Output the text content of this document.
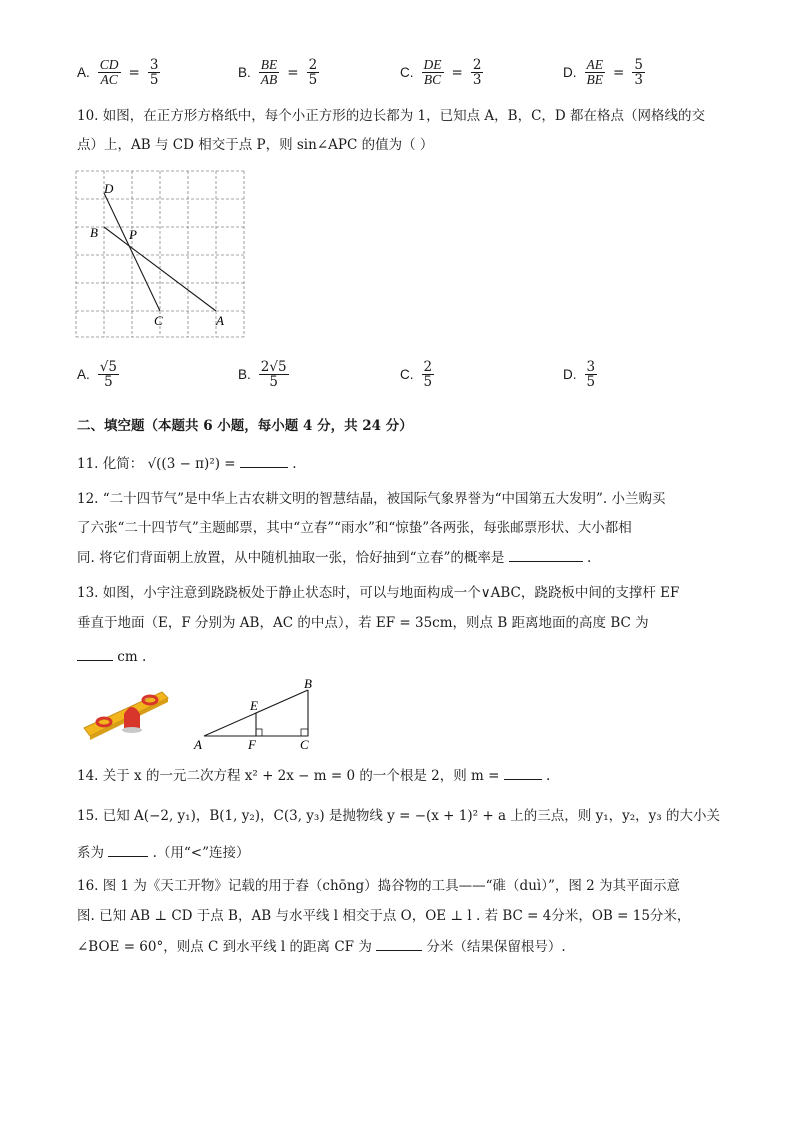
A. $\frac{CD}{AC} = \frac{3}{5}$	B. $\frac{BE}{AB} = \frac{2}{5}$	C. $\frac{DE}{BC} = \frac{2}{3}$	D. $\frac{AE}{BE} = \frac{5}{3}$
10. 如图，在正方形方格纸中，每个小正方形的边长都为 1，已知点 A，B，C，D 都在格点（网格线的交
点）上，AB 与 CD 相交于点 P，则 sin∠APC 的值为（ ）
D
B P
C	A
A. $\frac{√5}{5}$	B. $\frac{2√5}{5}$	C. $\frac{2}{5}$	D. $\frac{3}{5}$
二、填空题（本题共 6 小题，每小题 4 分，共 24 分）
11. 化简： √((3 − π)²) =	.
12. “二十四节气”是中华上古农耕文明的智慧结晶，被国际气象界誉为“中国第五大发明”. 小兰购买
了六张“二十四节气”主题邮票，其中“立春”“雨水”和“惊蛰”各两张，每张邮票形状、大小都相
同. 将它们背面朝上放置，从中随机抽取一张，恰好抽到“立春”的概率是	.
13. 如图，小宇注意到跷跷板处于静止状态时，可以与地面构成一个∨ABC，跷跷板中间的支撑杆 EF
垂直于地面（E，F 分别为 AB，AC 的中点），若 EF = 35cm，则点 B 距离地面的高度 BC 为
cm .
B
E
A	F	C
14. 关于 x 的一元二次方程 x² + 2x − m = 0 的一个根是 2，则 m =	.
15. 已知 A(−2, y₁)，B(1, y₂)，C(3, y₃) 是抛物线 y = −(x + 1)² + a 上的三点，则 y₁，y₂，y₃ 的大小关
系为	.（用“<”连接）
16. 图 1 为《天工开物》记载的用于舂（chōng）捣谷物的工具——“碓（duì）”，图 2 为其平面示意
图. 已知 AB ⊥ CD 于点 B，AB 与水平线 l 相交于点 O，OE ⊥ l . 若 BC = 4分米，OB = 15分米，
∠BOE = 60°，则点 C 到水平线 l 的距离 CF 为	分米（结果保留根号）.
